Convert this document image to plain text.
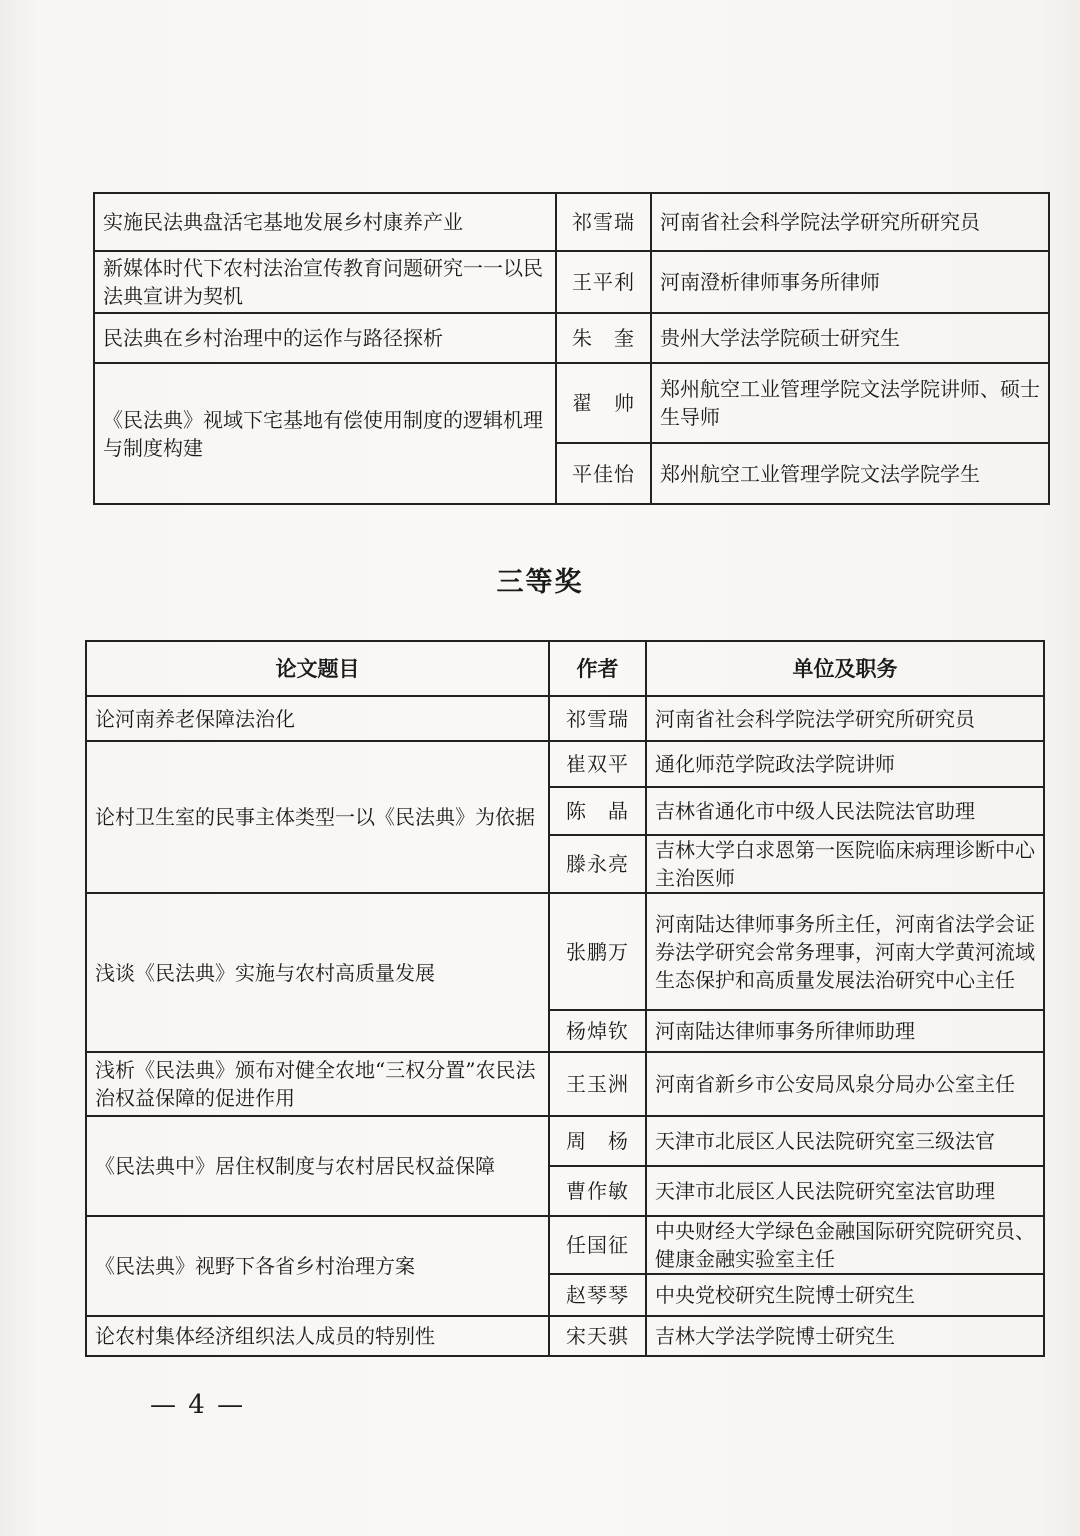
实施民法典盘活宅基地发展乡村康养产业	祁雪瑞	河南省社会科学院法学研究所研究员
新媒体时代下农村法治宣传教育问题研究一一以民法典宣讲为契机	王平利	河南澄析律师事务所律师
民法典在乡村治理中的运作与路径探析	朱　奎	贵州大学法学院硕士研究生
《民法典》视域下宅基地有偿使用制度的逻辑机理与制度构建	翟　帅	郑州航空工业管理学院文法学院讲师、硕士生导师
	平佳怡	郑州航空工业管理学院文法学院学生
三等奖
论文题目	作者	单位及职务
论河南养老保障法治化	祁雪瑞	河南省社会科学院法学研究所研究员
论村卫生室的民事主体类型一以《民法典》为依据	崔双平	通化师范学院政法学院讲师
	陈　晶	吉林省通化市中级人民法院法官助理
	滕永亮	吉林大学白求恩第一医院临床病理诊断中心主治医师
浅谈《民法典》实施与农村高质量发展	张鹏万	河南陆达律师事务所主任，河南省法学会证券法学研究会常务理事，河南大学黄河流域生态保护和高质量发展法治研究中心主任
	杨焯钦	河南陆达律师事务所律师助理
浅析《民法典》颁布对健全农地“三权分置”农民法治权益保障的促进作用	王玉洲	河南省新乡市公安局凤泉分局办公室主任
《民法典中》居住权制度与农村居民权益保障	周　杨	天津市北辰区人民法院研究室三级法官
	曹作敏	天津市北辰区人民法院研究室法官助理
《民法典》视野下各省乡村治理方案	任国征	中央财经大学绿色金融国际研究院研究员、健康金融实验室主任
	赵琴琴	中央党校研究生院博士研究生
论农村集体经济组织法人成员的特别性	宋天骐	吉林大学法学院博士研究生
— 4 —
